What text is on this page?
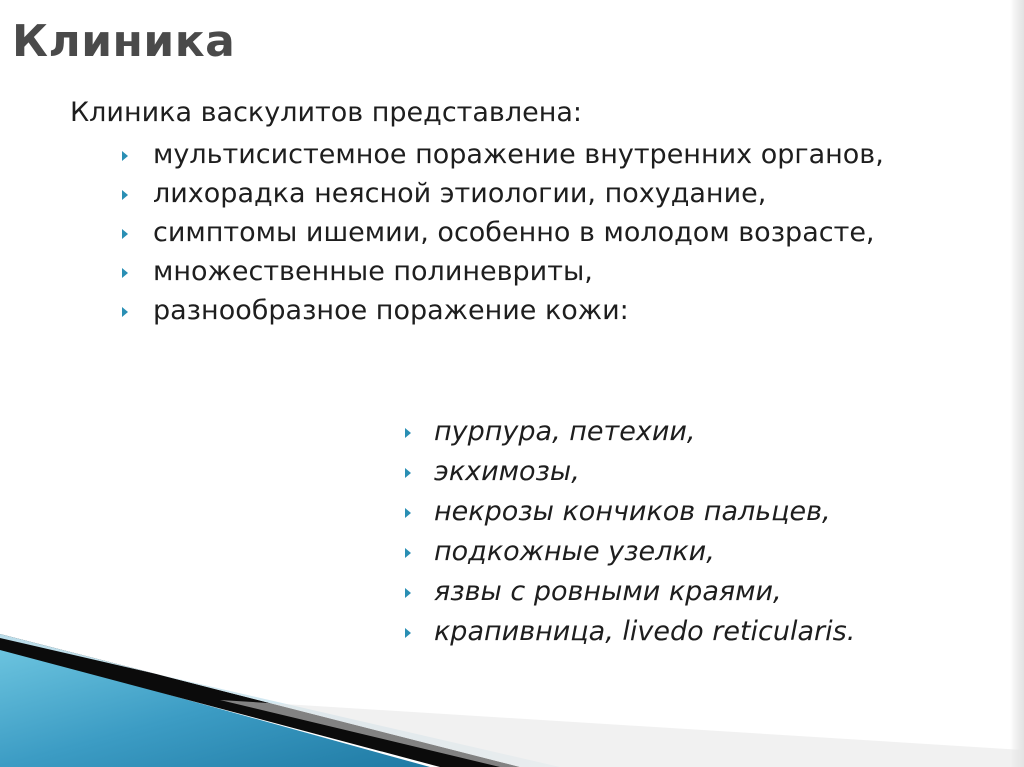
Клиника

Клиника васкулитов представлена:

мультисистемное поражение внутренних органов,
лихорадка неясной этиологии, похудание,
симптомы ишемии, особенно в молодом возрасте,
множественные полиневриты,
разнообразное поражение кожи:
пурпура, петехии,
экхимозы,
некрозы кончиков пальцев,
подкожные узелки,
язвы с ровными краями,
крапивница, livedo reticularis.
